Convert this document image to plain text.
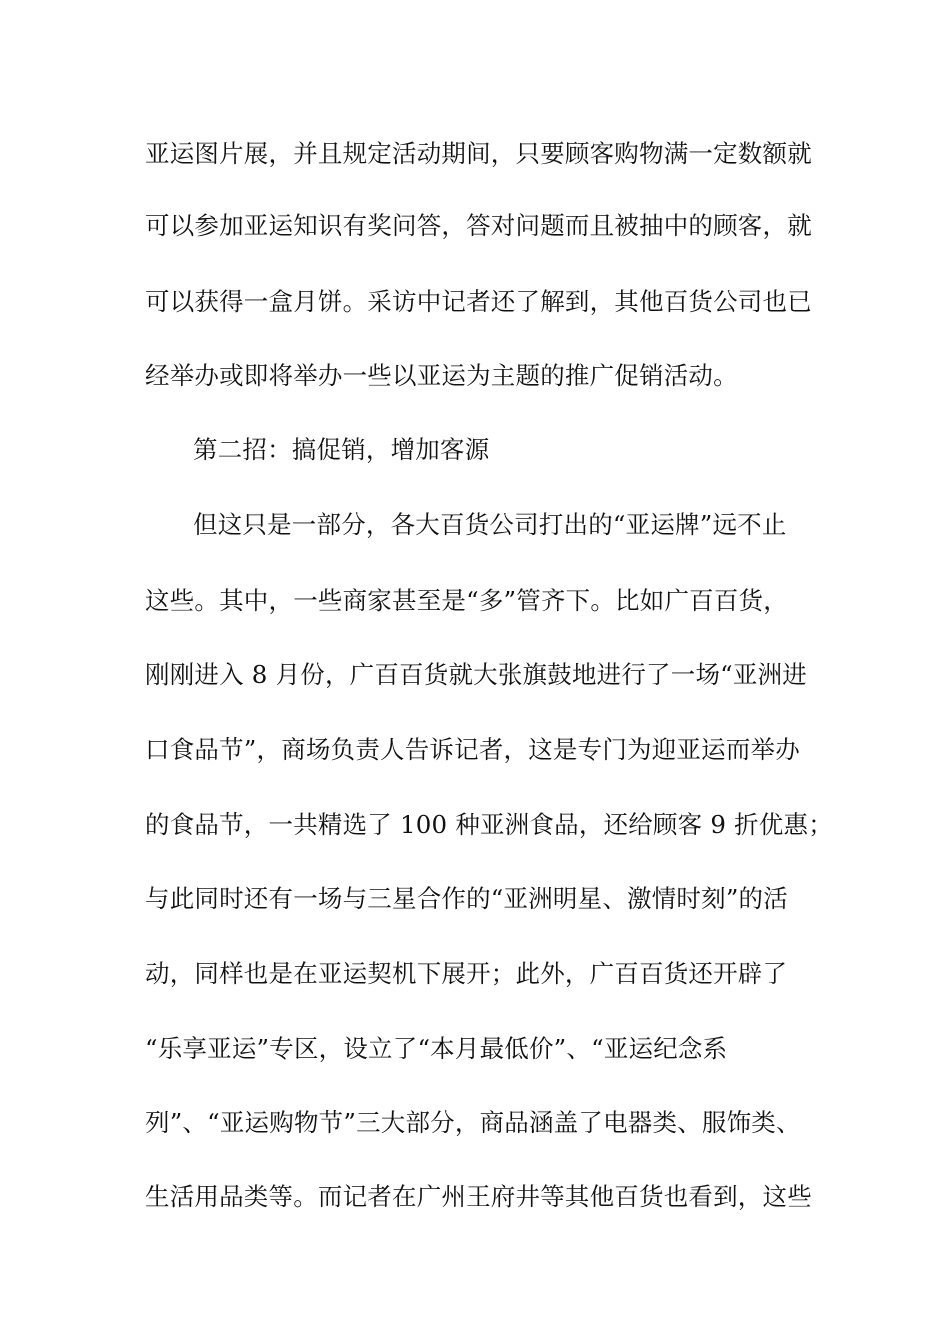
亚运图片展，并且规定活动期间，只要顾客购物满一定数额就
可以参加亚运知识有奖问答，答对问题而且被抽中的顾客，就
可以获得一盒月饼。采访中记者还了解到，其他百货公司也已
经举办或即将举办一些以亚运为主题的推广促销活动。
第二招：搞促销，增加客源
但这只是一部分，各大百货公司打出的“亚运牌”远不止
这些。其中，一些商家甚至是“多”管齐下。比如广百百货，
刚刚进入 8 月份，广百百货就大张旗鼓地进行了一场“亚洲进
口食品节”，商场负责人告诉记者，这是专门为迎亚运而举办
的食品节，一共精选了 100 种亚洲食品，还给顾客 9 折优惠；
与此同时还有一场与三星合作的“亚洲明星、激情时刻”的活
动，同样也是在亚运契机下展开；此外，广百百货还开辟了
“乐享亚运”专区，设立了“本月最低价”、“亚运纪念系
列”、“亚运购物节”三大部分，商品涵盖了电器类、服饰类、
生活用品类等。而记者在广州王府井等其他百货也看到，这些
